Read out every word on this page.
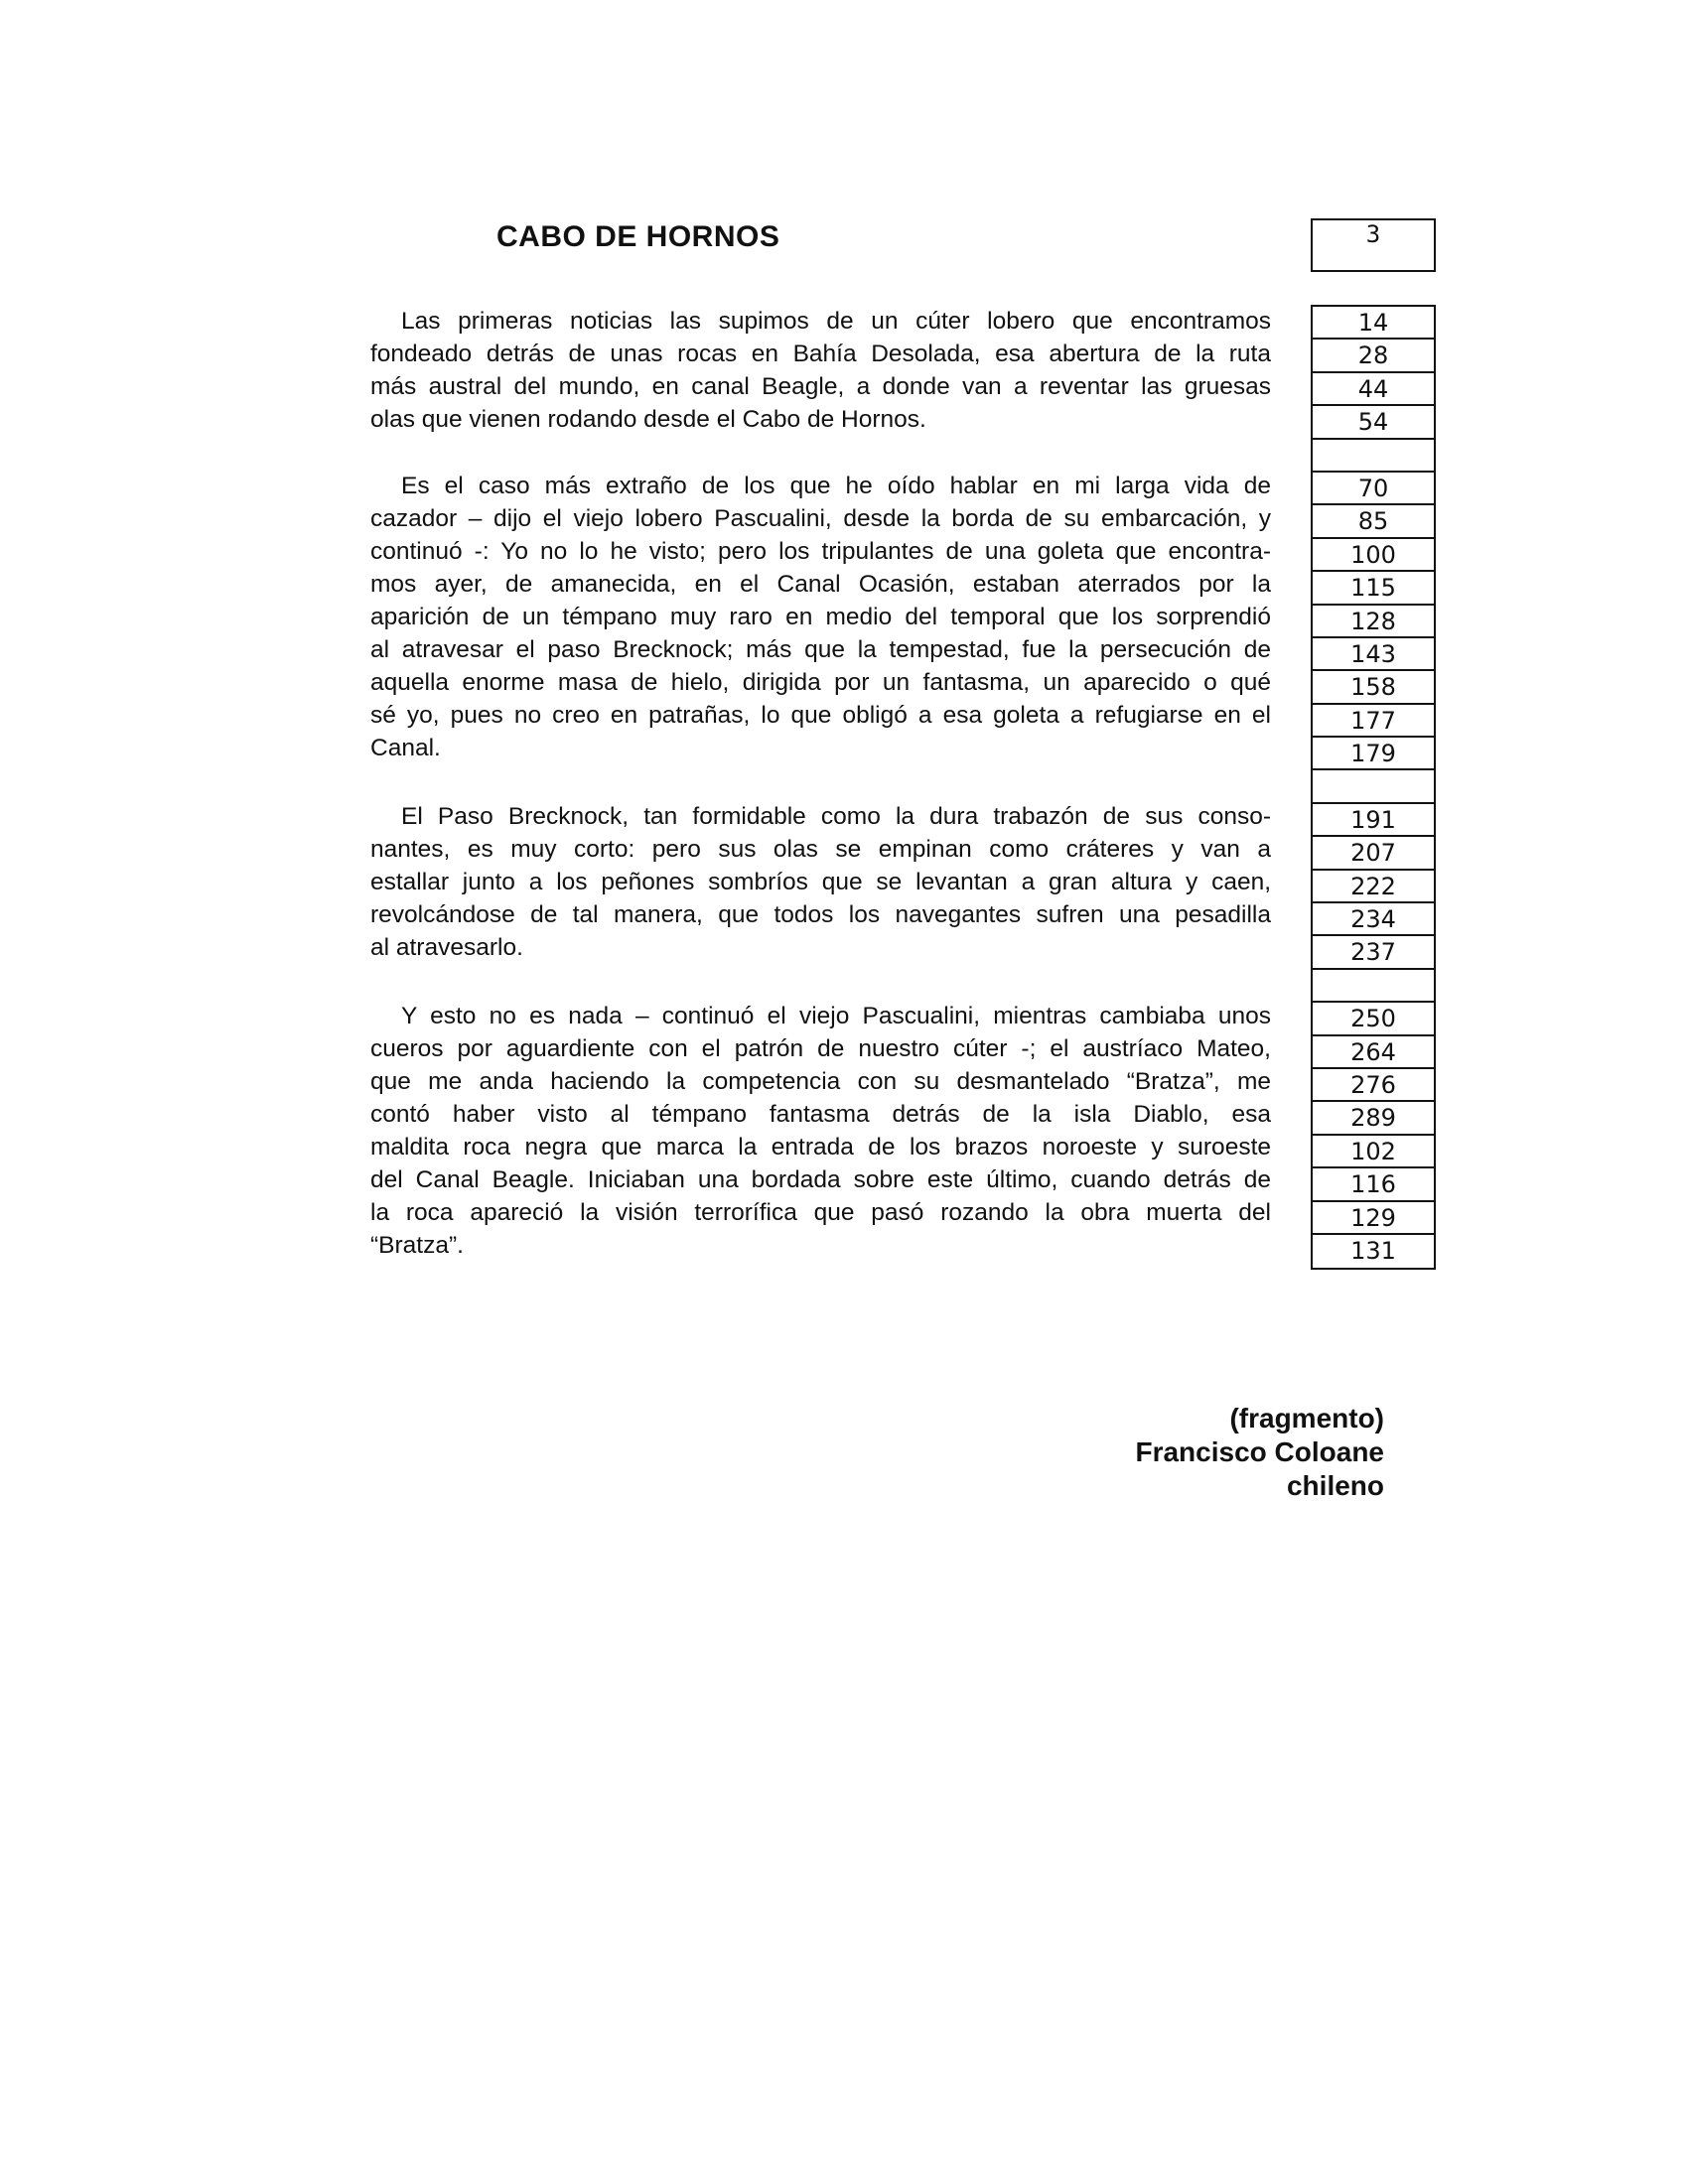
CABO DE HORNOS	3
Las primeras noticias las supimos de un cúter lobero que encontramos
fondeado detrás de unas rocas en Bahía Desolada, esa abertura de la ruta
más austral del mundo, en canal Beagle, a donde van a reventar las gruesas
olas que vienen rodando desde el Cabo de Hornos.
Es el caso más extraño de los que he oído hablar en mi larga vida de
cazador – dijo el viejo lobero Pascualini, desde la borda de su embarcación, y
continuó -: Yo no lo he visto; pero los tripulantes de una goleta que encontra-
mos ayer, de amanecida, en el Canal Ocasión, estaban aterrados por la
aparición de un témpano muy raro en medio del temporal que los sorprendió
al atravesar el paso Brecknock; más que la tempestad, fue la persecución de
aquella enorme masa de hielo, dirigida por un fantasma, un aparecido o qué
sé yo, pues no creo en patrañas, lo que obligó a esa goleta a refugiarse en el
Canal.
El Paso Brecknock, tan formidable como la dura trabazón de sus conso-
nantes, es muy corto: pero sus olas se empinan como cráteres y van a
estallar junto a los peñones sombríos que se levantan a gran altura y caen,
revolcándose de tal manera, que todos los navegantes sufren una pesadilla
al atravesarlo.
Y esto no es nada – continuó el viejo Pascualini, mientras cambiaba unos
cueros por aguardiente con el patrón de nuestro cúter -; el austríaco Mateo,
que me anda haciendo la competencia con su desmantelado “Bratza”, me
contó haber visto al témpano fantasma detrás de la isla Diablo, esa
maldita roca negra que marca la entrada de los brazos noroeste y suroeste
del Canal Beagle. Iniciaban una bordada sobre este último, cuando detrás de
la roca apareció la visión terrorífica que pasó rozando la obra muerta del
“Bratza”.
14
28
44
54
70
85
100
115
128
143
158
177
179
191
207
222
234
237
250
264
276
289
102
116
129
131
(fragmento)
Francisco Coloane
chileno
